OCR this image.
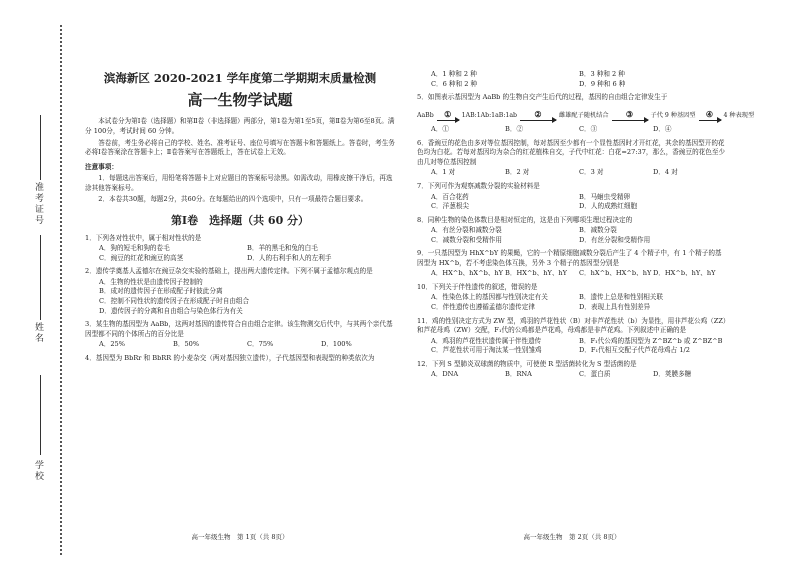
准考证号
姓名
学校
滨海新区 2020-2021 学年度第二学期期末质量检测
高一生物学试题
本试卷分为第Ⅰ卷（选择题）和第Ⅱ卷（非选择题）两部分，第1卷为第1至5页，第Ⅱ卷为第6至8页。满分 100分，考试时间 60 分钟。
答卷前，考生务必将自己的学校、姓名、准考证号、座位号填写在答题卡和答题纸上。答卷时，考生务必将Ⅰ卷答案涂在答题卡上；Ⅱ卷答案写在答题纸上，答在试卷上无效。
注意事项：
1．每题选出答案后，用铅笔将答题卡上对应题目的答案标号涂黑。如需改动，用橡皮擦干净后，再选涂其他答案标号。
2．本卷共30题，每题2分，共60分。在每题给出的四个选项中，只有一项最符合题目要求。
第Ⅰ卷　选择题（共 60 分）
1．下列各对性状中，属于相对性状的是
A．狗的短毛和狗的卷毛	B．羊的黑毛和兔的白毛
C．豌豆的红花和豌豆的高茎	D．人的右利手和人的左利手
2．遗传学奠基人孟德尔在豌豆杂交实验的基础上，提出两大遗传定律。下列不属于孟德尔观点的是
A．生物的性状是由遗传因子控制的
B．成对的遗传因子在形成配子时彼此分离
C．控制不同性状的遗传因子在形成配子时自由组合
D．遗传因子的分离和自由组合与染色体行为有关
3．某生物的基因型为 AaBb，这两对基因的遗传符合自由组合定律。该生物测交后代中，与其两个亲代基因型都不同的个体所占的百分比是
A．25%	B．50%	C．75%	D．100%
4．基因型为 BbRr 和 BbRR 的小麦杂交（两对基因独立遗传），子代基因型和表现型的种类依次为
A．1 种和 2 种	B．3 种和 2 种
C．6 种和 2 种	D．9 种和 6 种
5．如图表示基因型为 AaBb 的生物自交产生后代的过程，基因的自由组合定律发生于
AaBb ① 1AB:1Ab:1aB:1ab ②	雌雄配子随机结合 ③	子代 9 种基因型 ④ 4 种表现型
A．①	B．②	C．③	D．④
6．香豌豆的花色由多对等位基因控制，每对基因至少都有一个显性基因时才开红花，其余的基因型开的花色均为白花。若每对基因均为杂合的红花植株自交，子代中红花：白花=27:37，那么，香豌豆的花色至少由几对等位基因控制
A．1 对	B．2 对	C．3 对	D．4 对
7．下列可作为观察减数分裂的实验材料是
A．百合花药	B．马蛔虫受精卵
C．洋葱根尖	D．人的成熟红细胞
8．同种生物的染色体数目是相对恒定的，这是由下列哪项生理过程决定的
A．有丝分裂和减数分裂	B．减数分裂
C．减数分裂和受精作用	D．有丝分裂和受精作用
9．一只基因型为 HhX^bY 的果蝇，它的一个精原细胞减数分裂后产生了 4 个精子中，有 1 个精子的基因型为 HX^b，若不考虑染色体互换，另外 3 个精子的基因型分别是
A．HX^b、hX^b、hY B．HX^b、hY、hY	C．hX^b、HX^b、hY D．HX^b、hY、hY
10．下列关于伴性遗传的叙述，错误的是
A．性染色体上的基因都与性别决定有关	B．遗传上总是和性别相关联
C．伴性遗传也遵循孟德尔遗传定律	D．表现上具有性别差异
11．鸡的性别决定方式为 ZW 型，鸡羽的芦花性状（B）对非芦花性状（b）为显性，用非芦花公鸡（ZZ）和芦花母鸡（ZW）交配，F₁代的公鸡都是芦花鸡，母鸡都是非芦花鸡。下列叙述中正确的是
A．鸡羽的芦花性状遗传属于伴性遗传	B．F₁代公鸡的基因型为 Z^BZ^b 或 Z^BZ^B
C．芦花性状可用于淘汰某一性别雏鸡	D．F₁代相互交配子代芦花母鸡占 1/2
12．下列 S 型肺炎双球菌的物质中，可使使 R 型活菌转化为 S 型活菌的是
A．DNA	B．RNA	C．蛋白质	D．荚膜多糖
高一年级生物　第 1页（共 8页）	高一年级生物　第 2页（共 8页）
